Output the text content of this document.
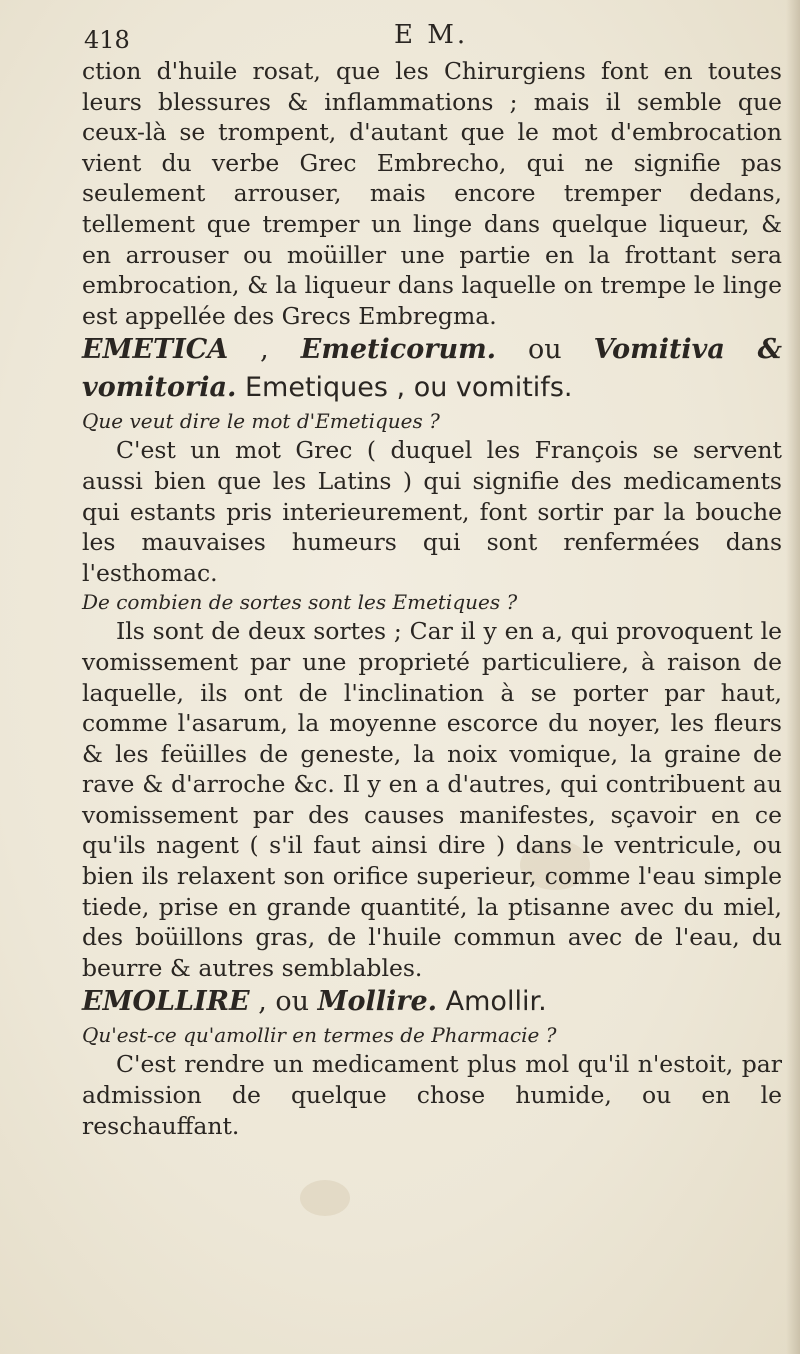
418	E M.

ction d'huile rosat, que les Chirurgiens font en toutes leurs blessures & inflammations ; mais il semble que ceux-là se trompent, d'autant que le mot d'embrocation vient du verbe Grec Embrecho, qui ne signifie pas seulement arrouser, mais encore tremper dedans, tellement que tremper un linge dans quelque liqueur, & en arrouser ou moüiller une partie en la frottant sera embrocation, & la liqueur dans laquelle on trempe le linge est appellée des Grecs Embregma.

EMETICA , Emeticorum. ou Vomitiva & vomitoria. Emetiques , ou vomitifs.

Que veut dire le mot d'Emetiques ?

C'est un mot Grec ( duquel les François se servent aussi bien que les Latins ) qui signifie des medicaments qui estants pris interieurement, font sortir par la bouche les mauvaises humeurs qui sont renfermées dans l'esthomac.

De combien de sortes sont les Emetiques ?

Ils sont de deux sortes ; Car il y en a, qui provoquent le vomissement par une proprieté particuliere, à raison de laquelle, ils ont de l'inclination à se porter par haut, comme l'asarum, la moyenne escorce du noyer, les fleurs & les feüilles de geneste, la noix vomique, la graine de rave & d'arroche &c. Il y en a d'autres, qui contribuent au vomissement par des causes manifestes, sçavoir en ce qu'ils nagent ( s'il faut ainsi dire ) dans le ventricule, ou bien ils relaxent son orifice superieur, comme l'eau simple tiede, prise en grande quantité, la ptisanne avec du miel, des boüillons gras, de l'huile commun avec de l'eau, du beurre & autres semblables.

EMOLLIRE , ou Mollire. Amollir.

Qu'est-ce qu'amollir en termes de Pharmacie ?

C'est rendre un medicament plus mol qu'il n'estoit, par admission de quelque chose humide, ou en le reschauffant.
